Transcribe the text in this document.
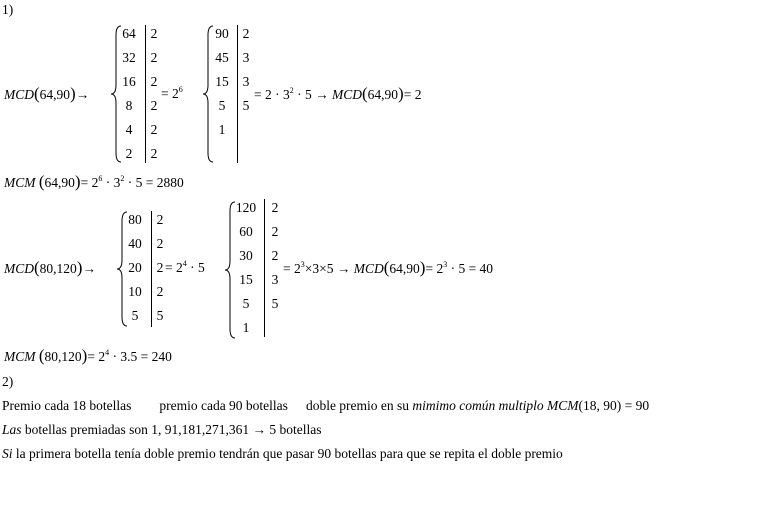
1)
MCD(64,90)→
64
32
16
8
4
2
2
2
2
2
2
2
= $2^6$
90
45
15
5
1
2
3
3
5
= $2 \cdot 3^2 \cdot 5 \to MCD(64,90)= 2$
MCM $(64,90)= 2^6 \cdot 3^2 \cdot 5 = 2880$
MCD(80,120)→
80
40
20
10
5
2
2
2
2
5
= $2^4 \cdot 5$
120
60
30
15
5
1
2
2
2
3
5
= $2^3\times 3\times 5 \to MCD(64,90)= 2^3 \cdot 5 = 40$
MCM $(80,120)= 2^4 \cdot 3.5 = 240$
2)
Premio cada 18 botellas premio cada 90 botellas doble premio en su mimimo común multiplo MCM(18, 90) = 90
Las botellas premiadas son 1, 91,181,271,361 → 5 botellas
Si la primera botella tenía doble premio tendrán que pasar 90 botellas para que se repita el doble premio
